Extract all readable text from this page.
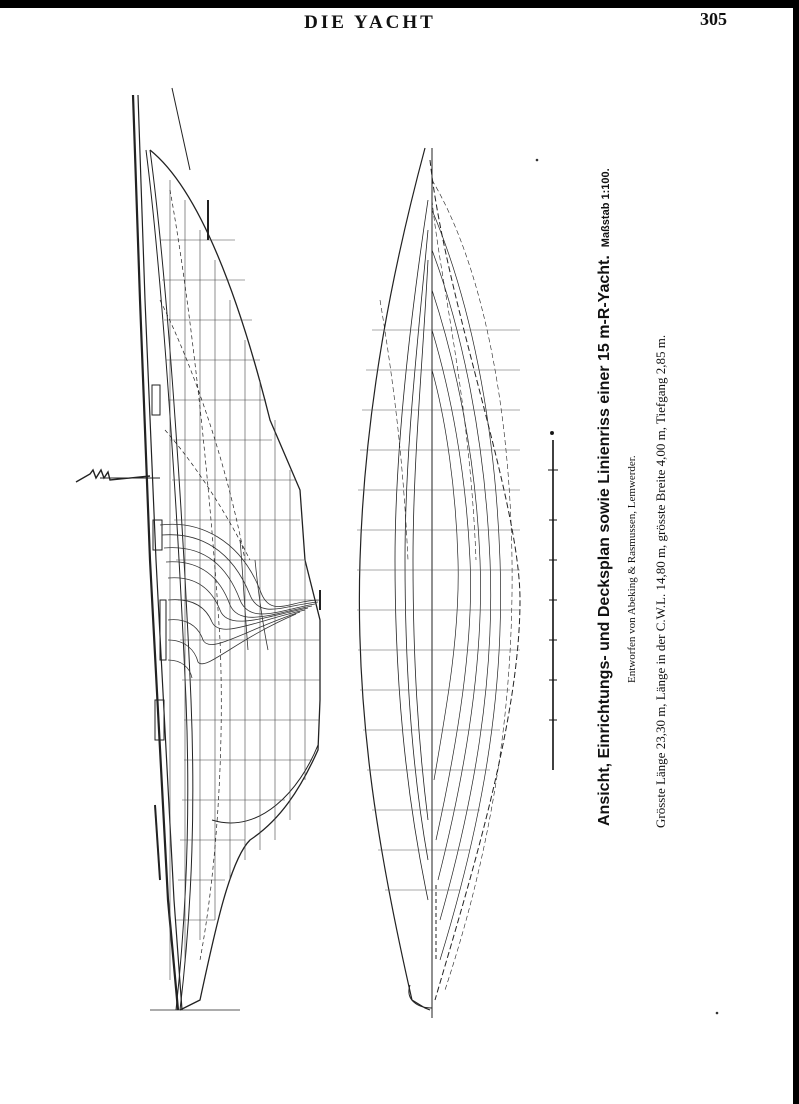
DIE YACHT	305
Ansicht, Einrichtungs- und Decksplan sowie Linienriss einer 15 m-R-Yacht.Maßstab 1:100.
Entworfen von Abeking & Rasmussen, Lemwerder. Grösste Länge 23,30 m, Länge in der C.W.L. 14,80 m, grösste Breite 4,00 m, Tiefgang 2,85 m.
